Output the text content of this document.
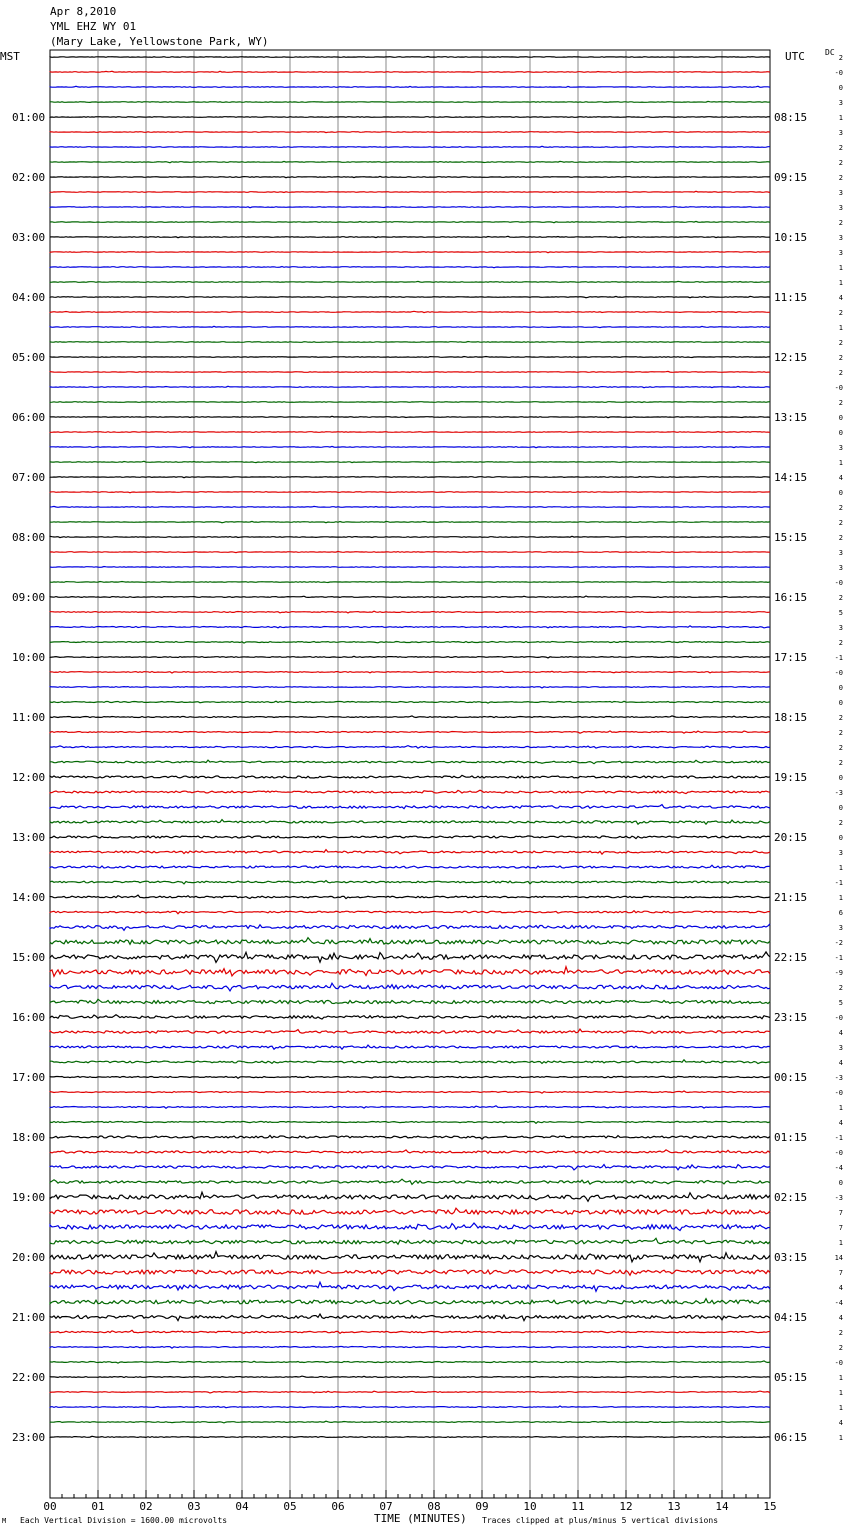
Apr 8,2010
YML EHZ WY 01
(Mary Lake, Yellowstone Park, WY)
MST	UTC	DC
2
-0
0
3
1
3
2
2
2
3
3
2
3
3
1
1
4
2
1
2
2
2
-0
2
0
0
3
1
4
0
2
2
2
3
3
-0
2
5
3
2
-1
-0
0
0
2
2
2
2
0
-3
0
2
0
3
1
-1
1
6
3
-2
-1
-9
2
5
-0
4
3
4
-3
-0
1
4
-1
-0
-4
0
-3
7
7
1
14
7
4
-4
4
2
2
-0
1
1
1
4
1
01:00	08:15
02:00	09:15
03:00	10:15
04:00	11:15
05:00	12:15
06:00	13:15
07:00	14:15
08:00	15:15
09:00	16:15
10:00	17:15
11:00	18:15
12:00	19:15
13:00	20:15
14:00	21:15
15:00	22:15
16:00	23:15
17:00	00:15
18:00	01:15
19:00	02:15
20:00	03:15
21:00	04:15
22:00	05:15
23:00	06:15
00	01	02	03	04	05	06	07	08	09	10	11	12	13	14	15
M Each Vertical Division = 1600.00 microvolts	TIME (MINUTES) Traces clipped at plus/minus 5 vertical divisions
